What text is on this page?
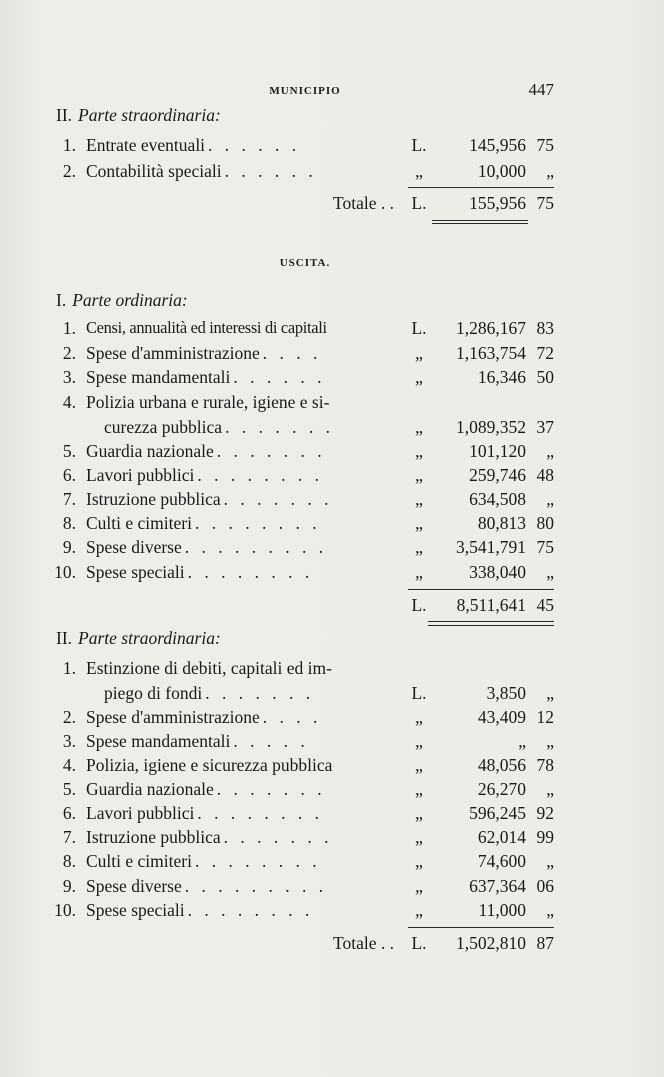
MUNICIPIO	447
II. Parte straordinaria:
1. Entrate eventuali . . . . . .	L. 145,956 75
2. Contabilità speciali . . . . . .	„	10,000	„
Totale . . L. 155,956 75
USCITA.
I. Parte ordinaria:
1. Censi, annualità ed interessi di capitali	L. 1,286,167 83
2. Spese d'amministrazione . . . .	„	1,163,754 72
3. Spese mandamentali . . . . . .	„	16,346 50
4. Polizia urbana e rurale, igiene e si-
curezza pubblica . . . . . . .	„	1,089,352 37
5. Guardia nazionale . . . . . . .	„	101,120	„
6. Lavori pubblici . . . . . . . .	„	259,746 48
7. Istruzione pubblica . . . . . . .	„	634,508	„
8. Culti e cimiteri . . . . . . . .	„	80,813 80
9. Spese diverse . . . . . . . . .	„	3,541,791 75
10. Spese speciali . . . . . . . .	„	338,040	„
L. 8,511,641 45
II. Parte straordinaria:
1. Estinzione di debiti, capitali ed im-
piego di fondi . . . . . . .	L.	3,850	„
2. Spese d'amministrazione . . . .	„	43,409 12
3. Spese mandamentali . . . . .	„	„	„
4. Polizia, igiene e sicurezza pubblica	„	48,056 78
5. Guardia nazionale . . . . . . .	„	26,270	„
6. Lavori pubblici . . . . . . . .	„	596,245 92
7. Istruzione pubblica . . . . . . .	„	62,014 99
8. Culti e cimiteri . . . . . . . .	„	74,600	„
9. Spese diverse . . . . . . . . .	„	637,364 06
10. Spese speciali . . . . . . . .	„	11,000	„
Totale . . L. 1,502,810 87
